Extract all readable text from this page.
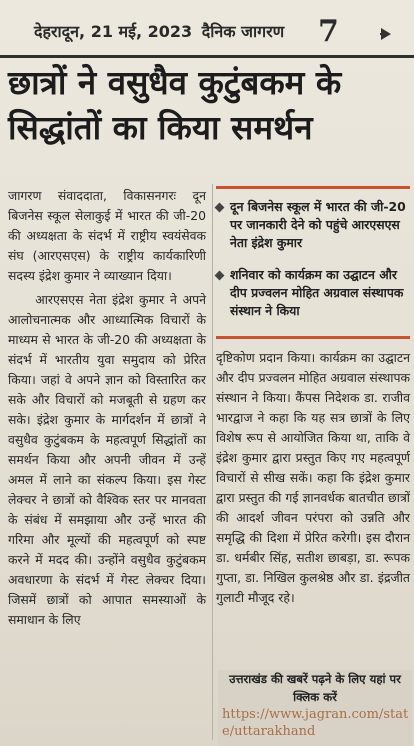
देहरादून, 21 मई, 2023 दैनिक जागरण 7
छात्रों ने वसुधैव कुटुंबकम के सिद्धांतों का किया समर्थन

जागरण संवाददाता, विकासनगरः दून बिजनेस स्कूल सेलाकुई में भारत की जी-20 की अध्यक्षता के संदर्भ में राष्ट्रीय स्वयंसेवक संघ (आरएसएस) के राष्ट्रीय कार्यकारिणी सदस्य इंद्रेश कुमार ने व्याख्यान दिया।

आरएसएस नेता इंद्रेश कुमार ने अपने आलोचनात्मक और आध्यात्मिक विचारों के माध्यम से भारत के जी-20 की अध्यक्षता के संदर्भ में भारतीय युवा समुदाय को प्रेरित किया। जहां वे अपने ज्ञान को विस्तारित कर सके और विचारों को मजबूती से ग्रहण कर सके। इंद्रेश कुमार के मार्गदर्शन में छात्रों ने वसुधैव कुटुंबकम के महत्वपूर्ण सिद्धांतों का समर्थन किया और अपनी जीवन में उन्हें अमल में लाने का संकल्प किया। इस गेस्ट लेक्चर ने छात्रों को वैश्विक स्तर पर मानवता के संबंध में समझाया और उन्हें भारत की गरिमा और मूल्यों की महत्वपूर्ण को स्पष्ट करने में मदद की। उन्होंने वसुधैव कुटुंबकम अवधारणा के संदर्भ में गेस्ट लेक्चर दिया। जिसमें छात्रों को आपात समस्याओं के समाधान के लिए

दून बिजनेस स्कूल में भारत की जी-20 पर जानकारी देने को पहुंचे आरएसएस नेता इंद्रेश कुमार
शनिवार को कार्यक्रम का उद्घाटन और दीप प्रज्वलन मोहित अग्रवाल संस्थापक संस्थान ने किया

दृष्टिकोण प्रदान किया। कार्यक्रम का उद्घाटन और दीप प्रज्वलन मोहित अग्रवाल संस्थापक संस्थान ने किया। कैंपस निदेशक डा. राजीव भारद्वाज ने कहा कि यह सत्र छात्रों के लिए विशेष रूप से आयोजित किया था, ताकि वे इंद्रेश कुमार द्वारा प्रस्तुत किए गए महत्वपूर्ण विचारों से सीख सकें। कहा कि इंद्रेश कुमार द्वारा प्रस्तुत की गई ज्ञानवर्धक बातचीत छात्रों की आदर्श जीवन परंपरा को उन्नति और समृद्धि की दिशा में प्रेरित करेगी। इस दौरान डा. धर्मबीर सिंह, सतीश छाबड़ा, डा. रूपक गुप्ता, डा. निखिल कुलश्रेष्ठ और डा. इंद्रजीत गुलाटी मौजूद रहे।

उत्तराखंड की खबरें पढ़ने के लिए यहां पर क्लिक करें
https://www.jagran.com/state/uttarakhand
